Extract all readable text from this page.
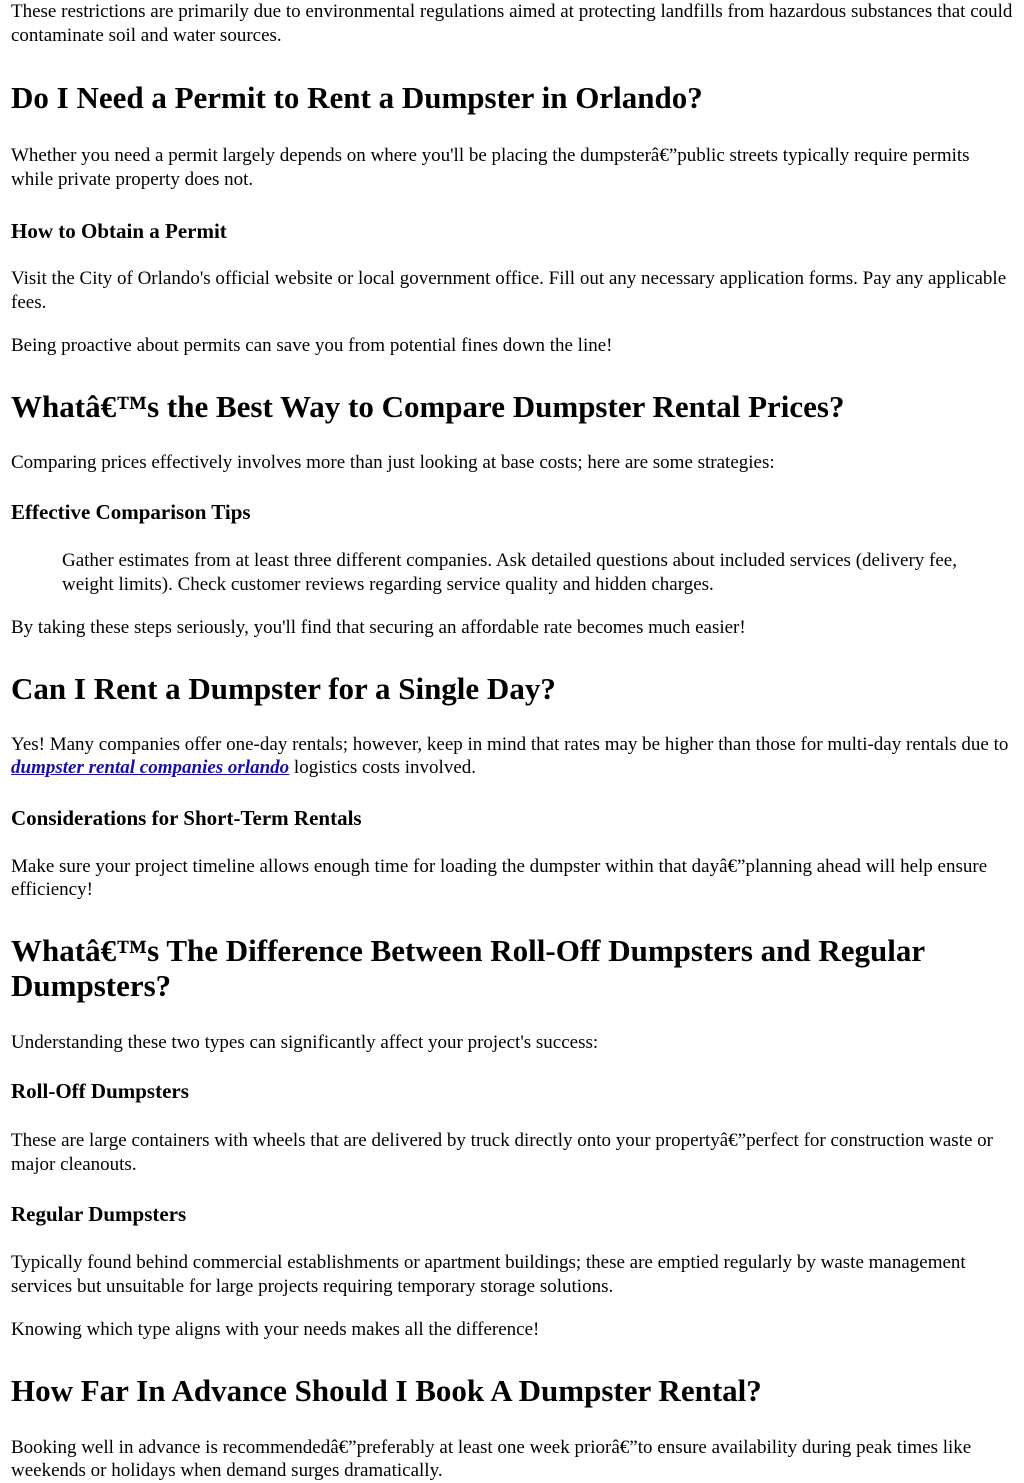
These restrictions are primarily due to environmental regulations aimed at protecting landfills from hazardous substances that could contaminate soil and water sources.

Do I Need a Permit to Rent a Dumpster in Orlando?

Whether you need a permit largely depends on where you'll be placing the dumpsterâ€”public streets typically require permits while private property does not.

How to Obtain a Permit

Visit the City of Orlando's official website or local government office. Fill out any necessary application forms. Pay any applicable fees.

Being proactive about permits can save you from potential fines down the line!

Whatâ€™s the Best Way to Compare Dumpster Rental Prices?

Comparing prices effectively involves more than just looking at base costs; here are some strategies:

Effective Comparison Tips

Gather estimates from at least three different companies. Ask detailed questions about included services (delivery fee, weight limits). Check customer reviews regarding service quality and hidden charges.

By taking these steps seriously, you'll find that securing an affordable rate becomes much easier!

Can I Rent a Dumpster for a Single Day?

Yes! Many companies offer one-day rentals; however, keep in mind that rates may be higher than those for multi-day rentals due to dumpster rental companies orlando logistics costs involved.

Considerations for Short-Term Rentals

Make sure your project timeline allows enough time for loading the dumpster within that dayâ€”planning ahead will help ensure efficiency!

Whatâ€™s The Difference Between Roll-Off Dumpsters and Regular Dumpsters?

Understanding these two types can significantly affect your project's success:

Roll-Off Dumpsters

These are large containers with wheels that are delivered by truck directly onto your propertyâ€”perfect for construction waste or major cleanouts.

Regular Dumpsters

Typically found behind commercial establishments or apartment buildings; these are emptied regularly by waste management services but unsuitable for large projects requiring temporary storage solutions.

Knowing which type aligns with your needs makes all the difference!

How Far In Advance Should I Book A Dumpster Rental?

Booking well in advance is recommendedâ€”preferably at least one week priorâ€”to ensure availability during peak times like weekends or holidays when demand surges dramatically.
